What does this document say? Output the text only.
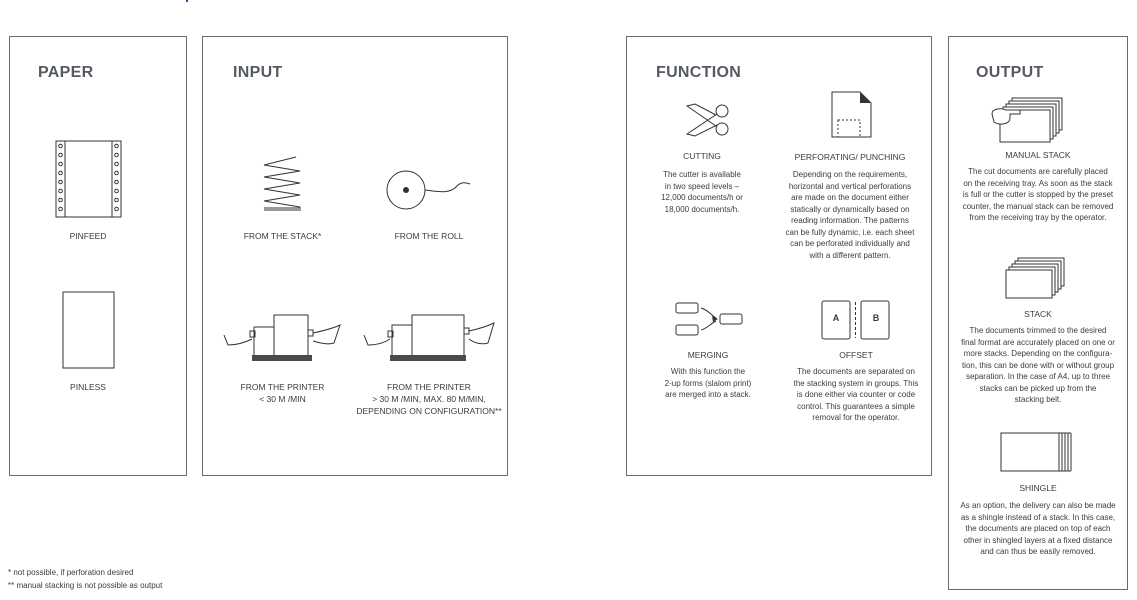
PAPER
PINFEED
PINLESS
INPUT
FROM THE STACK*	FROM THE ROLL
FROM THE PRINTER
< 30 M /MIN
FROM THE PRINTER
> 30 M /MIN, MAX. 80 M/MIN,
DEPENDING ON CONFIGURATION**
FUNCTION
CUTTING
The cutter is available
in two speed levels –
12,000 documents/h or
18,000 documents/h.
PERFORATING/ PUNCHING
Depending on the requirements,
horizontal and vertical perforations
are made on the document either
statically or dynamically based on
reading information. The patterns
can be fully dynamic, i.e. each sheet
can be perforated individually and
with a different pattern.
MERGING
With this function the
2-up forms (slalom print)
are merged into a stack.
A	B
OFFSET
The documents are separated on
the stacking system in groups. This
is done either via counter or code
control. This guarantees a simple
removal for the operator.
OUTPUT
MANUAL STACK
The cut documents are carefully placed
on the receiving tray. As soon as the stack
is full or the cutter is stopped by the preset
counter, the manual stack can be removed
from the receiving tray by the operator.
STACK
The documents trimmed to the desired
final format are accurately placed on one or
more stacks. Depending on the configura-
tion, this can be done with or without group
separation. In the case of A4, up to three
stacks can be picked up from the
stacking belt.
SHINGLE
As an option, the delivery can also be made
as a shingle instead of a stack. In this case,
the documents are placed on top of each
other in shingled layers at a fixed distance
and can thus be easily removed.
* not possible, if perforation desired
** manual stacking is not possible as output
